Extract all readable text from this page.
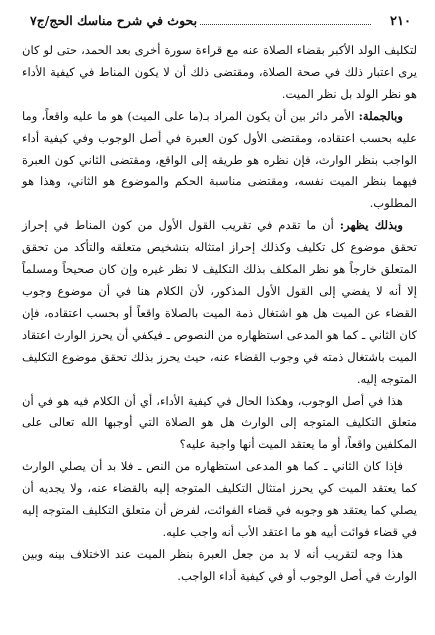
٢١٠
بحوث في شرح مناسك الحج/ج٧

لتكليف الولد الأكبر بقضاء الصلاة عنه مع قراءة سورة أخرى بعد الحمد، حتى لو كان يرى اعتبار ذلك في صحة الصلاة، ومقتضى ذلك أن لا يكون المناط في كيفية الأداء هو نظر الولد بل نظر الميت.

وبالجملة: الأمر دائر بين أن يكون المراد بـ(ما على الميت) هو ما عليه واقعاً، وما عليه بحسب اعتقاده، ومقتضى الأول كون العبرة في أصل الوجوب وفي كيفية أداء الواجب بنظر الوارث، فإن نظره هو طريقه إلى الواقع، ومقتضى الثاني كون العبرة فيهما بنظر الميت نفسه، ومقتضى مناسبة الحكم والموضوع هو الثاني، وهذا هو المطلوب.

وبذلك يظهر: أن ما تقدم في تقريب القول الأول من كون المناط في إحراز تحقق موضوع كل تكليف وكذلك إحراز امتثاله بتشخيص متعلقه والتأكد من تحقق المتعلق خارجاً هو نظر المكلف بذلك التكليف لا نظر غيره وإن كان صحيحاً ومسلماً إلا أنه لا يفضي إلى القول الأول المذكور، لأن الكلام هنا في أن موضوع وجوب القضاء عن الميت هل هو اشتغال ذمة الميت بالصلاة واقعاً أو بحسب اعتقاده، فإن كان الثاني ـ كما هو المدعى استظهاره من النصوص ـ فيكفي أن يحرز الوارث اعتقاد الميت باشتغال ذمته في وجوب القضاء عنه، حيث يحرز بذلك تحقق موضوع التكليف المتوجه إليه.

هذا في أصل الوجوب، وهكذا الحال في كيفية الأداء، أي أن الكلام فيه هو في أن متعلق التكليف المتوجه إلى الوارث هل هو الصلاة التي أوجبها الله تعالى على المكلفين واقعاً، أو ما يعتقد الميت أنها واجبة عليه؟

فإذا كان الثاني ـ كما هو المدعى استظهاره من النص ـ فلا بد أن يصلي الوارث كما يعتقد الميت كي يحرز امتثال التكليف المتوجه إليه بالقضاء عنه، ولا يجديه أن يصلي كما يعتقد هو وجوبه في قضاء الفوائت، لفرض أن متعلق التكليف المتوجه إليه في قضاء فوائت أبيه هو ما اعتقد الأب أنه واجب عليه.

هذا وجه لتقريب أنه لا بد من جعل العبرة بنظر الميت عند الاختلاف بينه وبين الوارث في أصل الوجوب أو في كيفية أداء الواجب.
